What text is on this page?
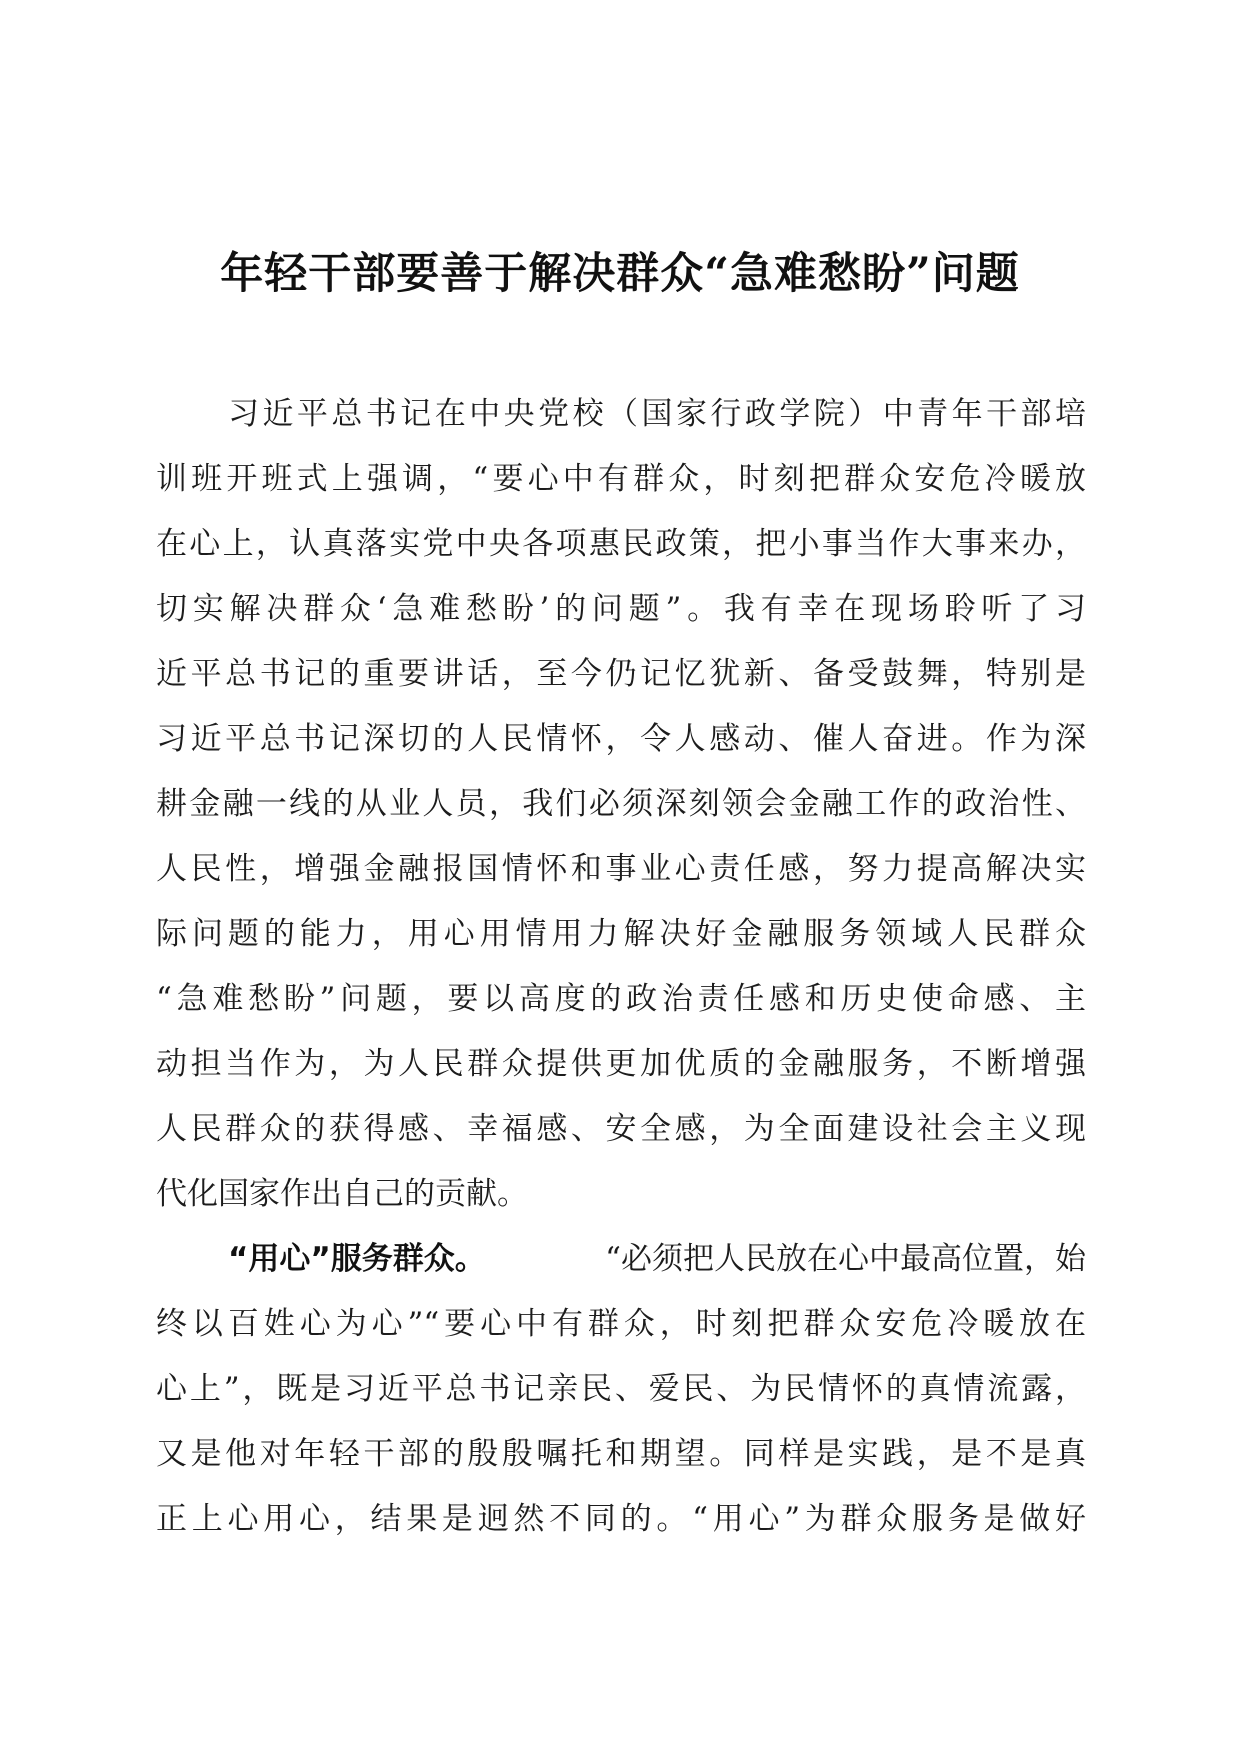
年轻干部要善于解决群众“急难愁盼”问题
习近平总书记在中央党校（国家行政学院）中青年干部培
训班开班式上强调，“要心中有群众，时刻把群众安危冷暖放
在心上，认真落实党中央各项惠民政策，把小事当作大事来办，
切实解决群众‘急难愁盼’的问题”。我有幸在现场聆听了习
近平总书记的重要讲话，至今仍记忆犹新、备受鼓舞，特别是
习近平总书记深切的人民情怀，令人感动、催人奋进。作为深
耕金融一线的从业人员，我们必须深刻领会金融工作的政治性、
人民性，增强金融报国情怀和事业心责任感，努力提高解决实
际问题的能力，用心用情用力解决好金融服务领域人民群众
“急难愁盼”问题，要以高度的政治责任感和历史使命感、主
动担当作为，为人民群众提供更加优质的金融服务，不断增强
人民群众的获得感、幸福感、安全感，为全面建设社会主义现
代化国家作出自己的贡献。
“用心”服务群众。	“必须把人民放在心中最高位置，始
终以百姓心为心”“要心中有群众，时刻把群众安危冷暖放在
心上”，既是习近平总书记亲民、爱民、为民情怀的真情流露，
又是他对年轻干部的殷殷嘱托和期望。同样是实践，是不是真
正上心用心，结果是迥然不同的。“用心”为群众服务是做好
